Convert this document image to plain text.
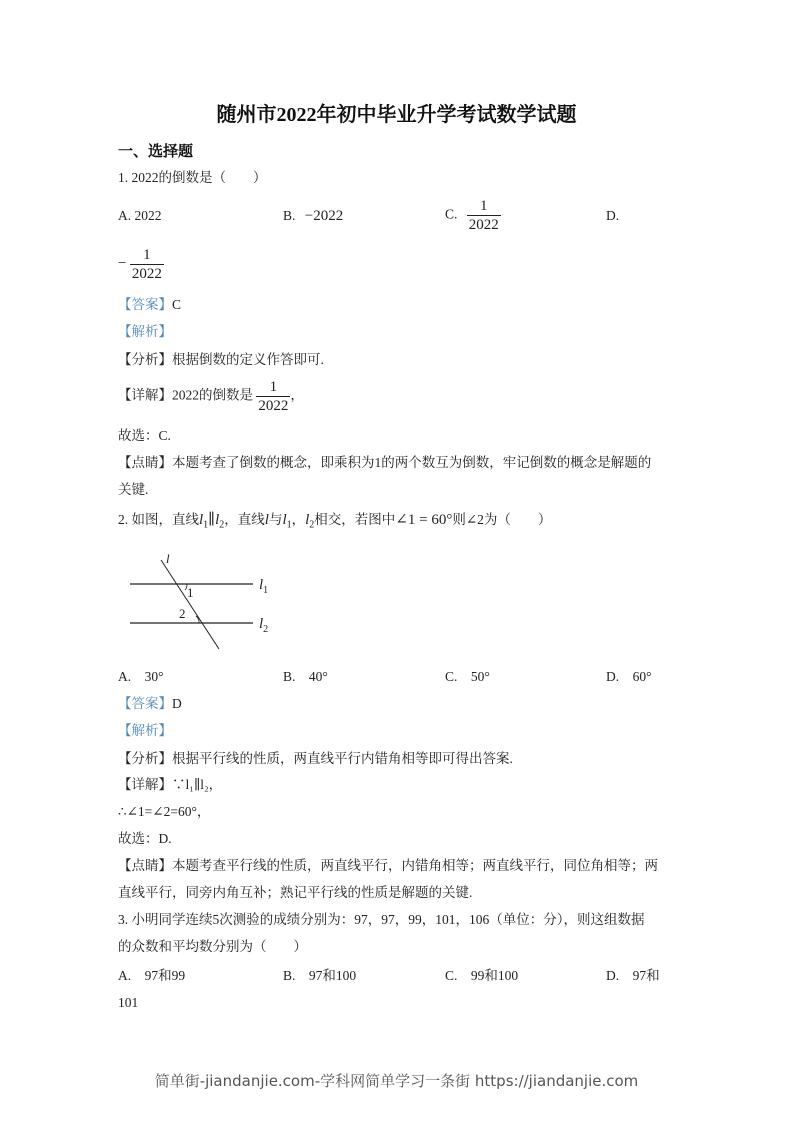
随州市2022年初中毕业升学考试数学试题
一、选择题
1. 2022的倒数是（　　）
A. 2022	B. −2022	C. $\frac{1}{2022}$	D.
− $\frac{1}{2022}$
【答案】C
【解析】
【分析】根据倒数的定义作答即可.
【详解】2022的倒数是 $\frac{1}{2022}$ ，
故选：C.
【点睛】本题考查了倒数的概念，即乘积为1的两个数互为倒数，牢记倒数的概念是解题的
关键.
2. 如图，直线$l_1\parallel l_2$，直线l与$l_1$，$l_2$相交，若图中∠1 = 60°则∠2为（　　）
l
1
2
$l_1$
$l_2$
A.　30°	B.　40°	C.　50°	D.　60°
【答案】D
【解析】
【分析】根据平行线的性质，两直线平行内错角相等即可得出答案.
【详解】∵l₁∥l₂，
∴∠1=∠2=60°，
故选：D.
【点睛】本题考查平行线的性质，两直线平行，内错角相等；两直线平行，同位角相等；两
直线平行，同旁内角互补；熟记平行线的性质是解题的关键.
3. 小明同学连续5次测验的成绩分别为：97，97，99，101，106（单位：分），则这组数据
的众数和平均数分别为（　　）
A.　97和99	B.　97和100	C.　99和100	D.　97和
101
简单街-jiandanjie.com-学科网简单学习一条街 https://jiandanjie.com
